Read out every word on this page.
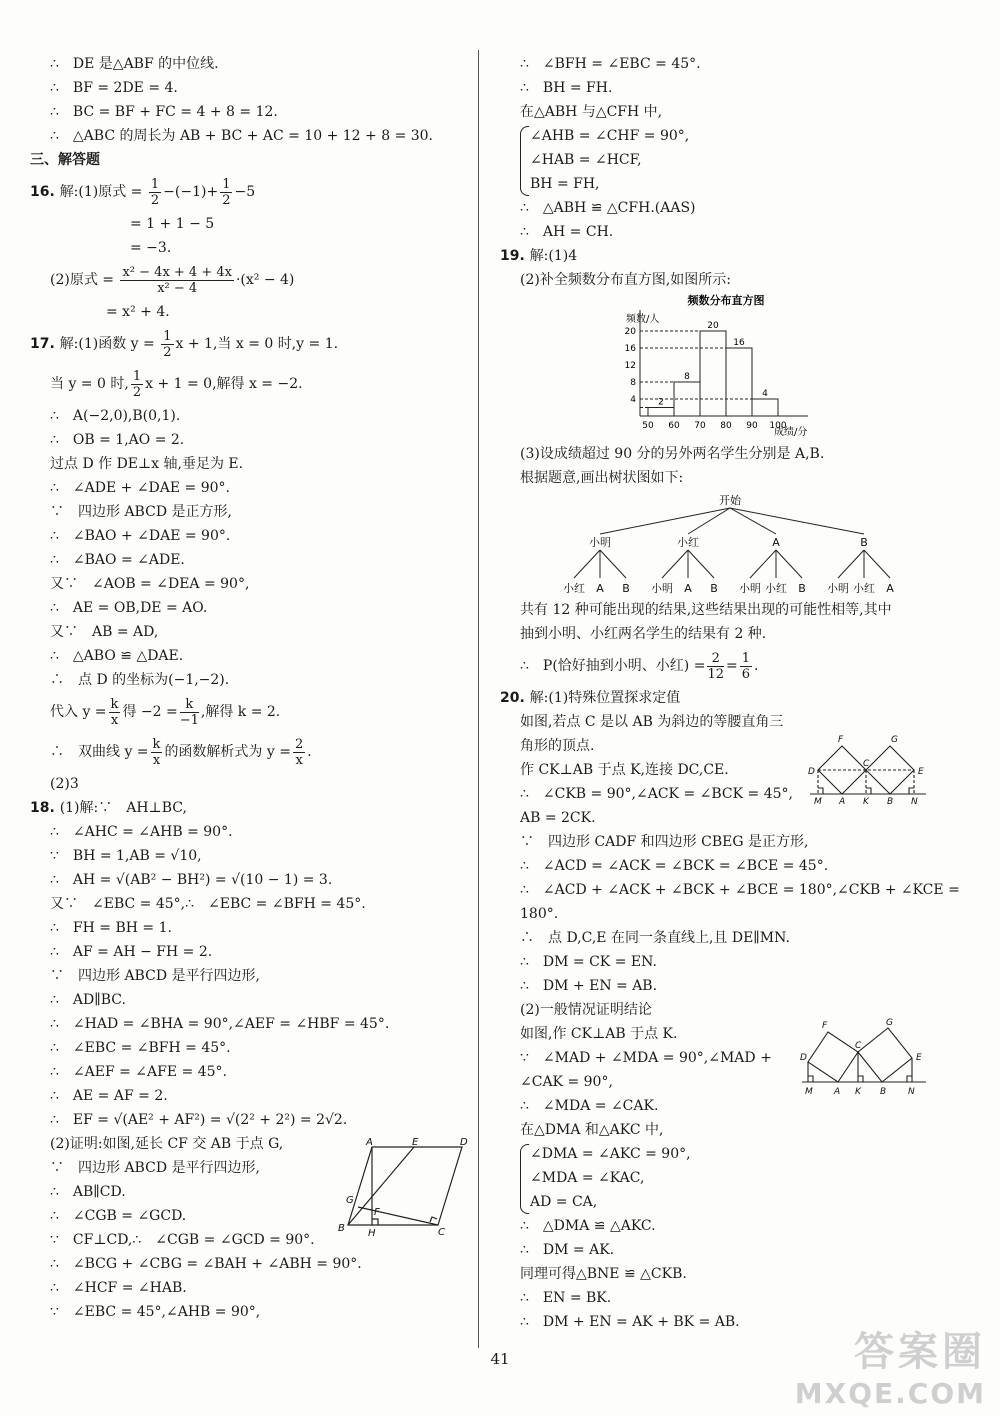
∴　DE 是△ABF 的中位线.
∴　BF = 2DE = 4.
∴　BC = BF + FC = 4 + 8 = 12.
∴　△ABC 的周长为 AB + BC + AC = 10 + 12 + 8 = 30.
三、解答题
16. 解:(1)原式 = $\frac{1}{2} -(-1)+ \frac{1}{2} -5$
= 1 + 1 − 5
= −3.
(2)原式 = $\frac{\text{x² − 4x + 4 + 4x}}{\text{x² − 4}} \cdot(x^2 - 4)$
= x² + 4.
17. 解:(1)函数 $y = \frac{1}{2}$ x + 1,当 x = 0 时,y = 1.
当 y = 0 时, $\frac{1}{2}$ x + 1 = 0,解得 x = −2.
∴　A(−2,0),B(0,1).
∴　OB = 1,AO = 2.
过点 D 作 DE⊥x 轴,垂足为 E.
∴　∠ADE + ∠DAE = 90°.
∵　四边形 ABCD 是正方形,
∴　∠BAO + ∠DAE = 90°.
∴　∠BAO = ∠ADE.
又∵　∠AOB = ∠DEA = 90°,
∴　AE = OB,DE = AO.
又∵　AB = AD,
∴　△ABO ≌ △DAE.
∴　点 D 的坐标为(−1,−2).
代入 $y = \frac{k}{x}$ 得 $-2 = \frac{k}{-1}$ ,解得 k = 2.
∴　双曲线 $y = \frac{k}{x}$ 的函数解析式为 $y = \frac{2}{x}$ .
(2)3
18. (1)解:∵　AH⊥BC,
∴　∠AHC = ∠AHB = 90°.
∵　BH = 1,AB = √10,
∴　AH = √(AB² − BH²) = √(10 − 1) = 3.
又∵　∠EBC = 45°,∴　∠EBC = ∠BFH = 45°.
∴　FH = BH = 1.
∴　AF = AH − FH = 2.
∵　四边形 ABCD 是平行四边形,
∴　AD∥BC.
∴　∠HAD = ∠BHA = 90°,∠AEF = ∠HBF = 45°.
∴　∠EBC = ∠BFH = 45°.
∴　∠AEF = ∠AFE = 45°.
∴　AE = AF = 2.
∴　EF = √(AE² + AF²) = √(2² + 2²) = 2√2.
(2)证明:如图,延长 CF 交 AB 于点 G,
∵　四边形 ABCD 是平行四边形,
∴　AB∥CD.
∴　∠CGB = ∠GCD.
∵　CF⊥CD,∴　∠CGB = ∠GCD = 90°.
∴　∠BCG + ∠CBG = ∠BAH + ∠ABH = 90°.
∴　∠HCF = ∠HAB.
∵　∠EBC = 45°,∠AHB = 90°,
A	E	D
G
F
B H	C
∴　∠BFH = ∠EBC = 45°.
∴　BH = FH.
在△ABH 与△CFH 中,
∠AHB = ∠CHF = 90°,
∠HAB = ∠HCF,
BH = FH,
∴　△ABH ≌ △CFH.(AAS)
∴　AH = CH.
19. 解:(1)4
(2)补全频数分布直方图,如图所示:
频数分布直方图
频数/人
成绩/分
4
8
12
16
20
2
8
20
16
4
50 60 70 80 90 100
(3)设成绩超过 90 分的另外两名学生分别是 A,B.
根据题意,画出树状图如下:
开始
小明
小红 A B
小红
小明 A B
A
小明 小红 B
B
小明 小红 A
共有 12 种可能出现的结果,这些结果出现的可能性相等,其中
抽到小明、小红两名学生的结果有 2 种.
∴　P(恰好抽到小明、小红) = $\frac{2}{12} = \frac{1}{6}$ .
20. 解:(1)特殊位置探求定值
如图,若点 C 是以 AB 为斜边的等腰直角三
角形的顶点.
作 CK⊥AB 于点 K,连接 DC,CE.
∴　∠CKB = 90°,∠ACK = ∠BCK = 45°,
AB = 2CK.
∵　四边形 CADF 和四边形 CBEG 是正方形,
∴　∠ACD = ∠ACK = ∠BCK = ∠BCE = 45°.
∴　∠ACD + ∠ACK + ∠BCK + ∠BCE = 180°,∠CKB + ∠KCE =
180°.
∴　点 D,C,E 在同一条直线上,且 DE∥MN.
∴　DM = CK = EN.
∴　DM + EN = AB.
(2)一般情况证明结论
如图,作 CK⊥AB 于点 K.
∵　∠MAD + ∠MDA = 90°,∠MAD +
∠CAK = 90°,
∴　∠MDA = ∠CAK.
在△DMA 和△AKC 中,
∠DMA = ∠AKC = 90°,
∠MDA = ∠KAC,
AD = CA,
∴　△DMA ≌ △AKC.
∴　DM = AK.
同理可得△BNE ≌ △CKB.
∴　EN = BK.
∴　DM + EN = AK + BK = AB.
F
C
G
D	E
M A K B N
F	G
C
E
D
M A K B N
41	答案圈
MXQE.COM
